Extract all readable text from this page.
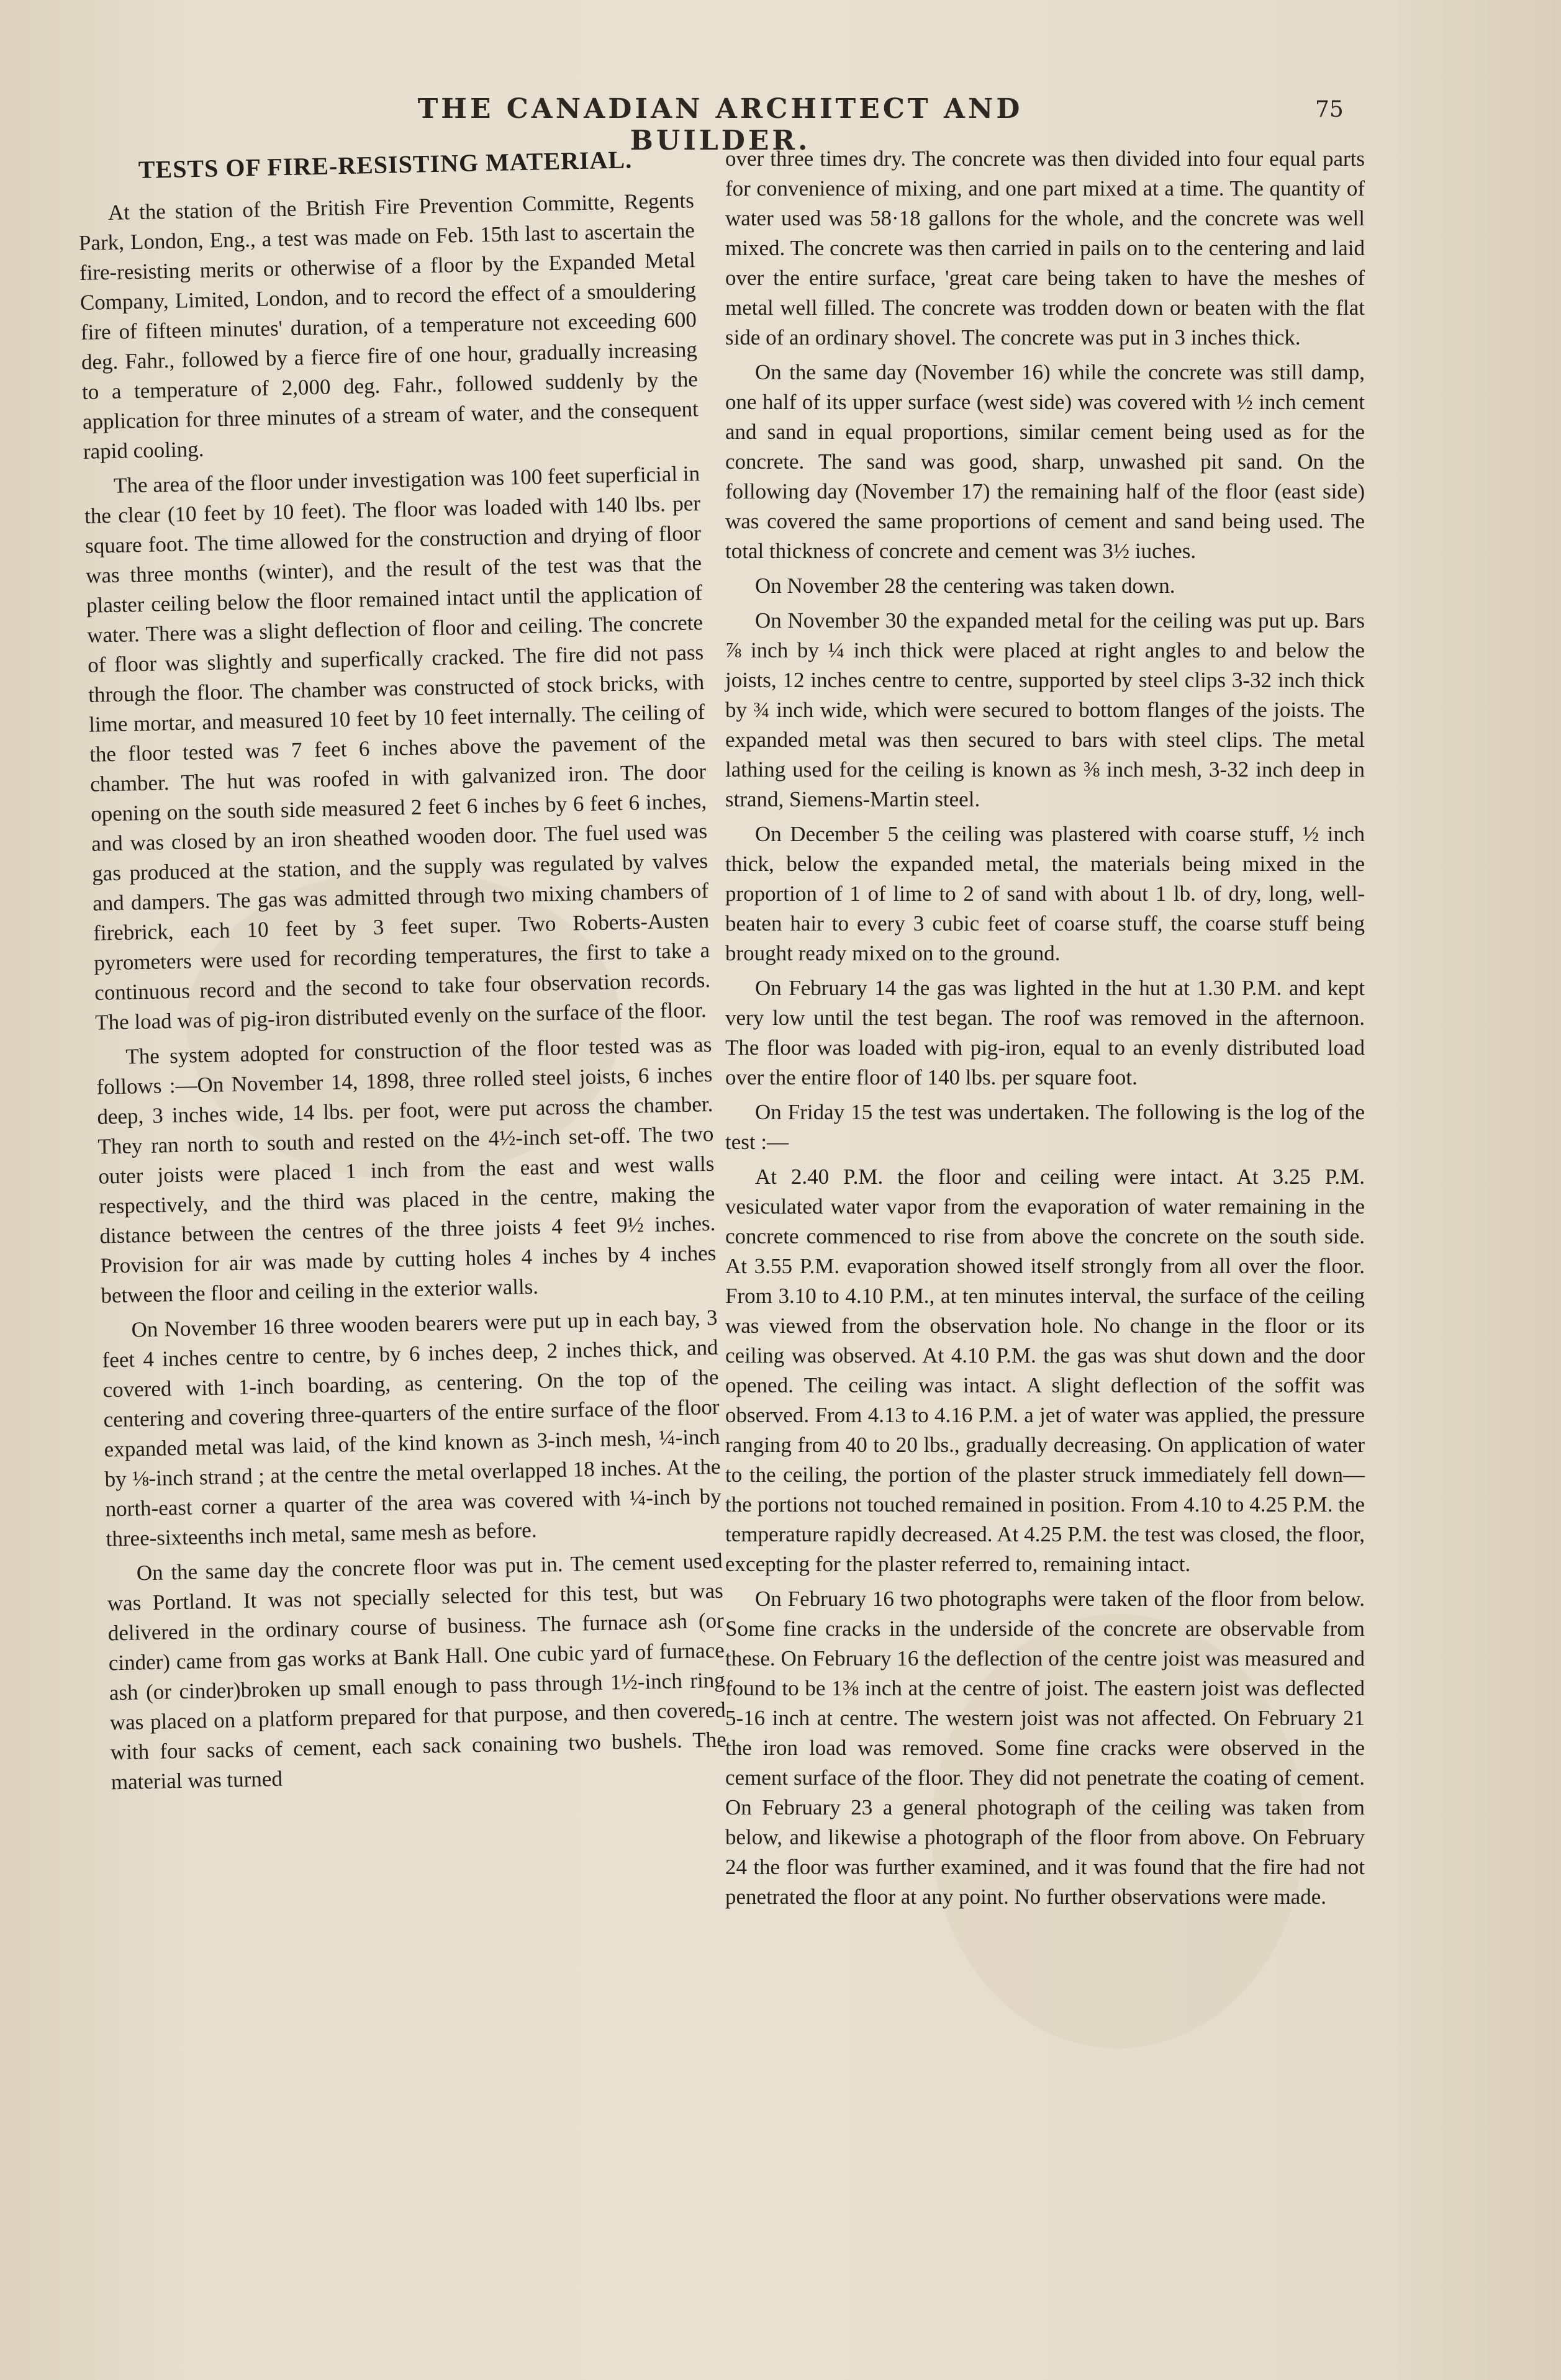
THE CANADIAN ARCHITECT AND BUILDER.
75
TESTS OF FIRE-RESISTING MATERIAL.

At the station of the British Fire Prevention Committe, Regents Park, London, Eng., a test was made on Feb. 15th last to ascertain the fire-resisting merits or otherwise of a floor by the Expanded Metal Company, Limited, London, and to record the effect of a smouldering fire of fifteen minutes' duration, of a temperature not exceeding 600 deg. Fahr., followed by a fierce fire of one hour, gradually increasing to a temperature of 2,000 deg. Fahr., followed suddenly by the application for three minutes of a stream of water, and the consequent rapid cooling.

The area of the floor under investigation was 100 feet superficial in the clear (10 feet by 10 feet). The floor was loaded with 140 lbs. per square foot. The time allowed for the construction and drying of floor was three months (winter), and the result of the test was that the plaster ceiling below the floor remained intact until the application of water. There was a slight deflection of floor and ceiling. The concrete of floor was slightly and superfically cracked. The fire did not pass through the floor. The chamber was constructed of stock bricks, with lime mortar, and measured 10 feet by 10 feet internally. The ceiling of the floor tested was 7 feet 6 inches above the pavement of the chamber. The hut was roofed in with galvanized iron. The door opening on the south side measured 2 feet 6 inches by 6 feet 6 inches, and was closed by an iron sheathed wooden door. The fuel used was gas produced at the station, and the supply was regulated by valves and dampers. The gas was admitted through two mixing chambers of firebrick, each 10 feet by 3 feet super. Two Roberts-Austen pyrometers were used for recording temperatures, the first to take a continuous record and the second to take four observation records. The load was of pig-iron distributed evenly on the surface of the floor.

The system adopted for construction of the floor tested was as follows :—On November 14, 1898, three rolled steel joists, 6 inches deep, 3 inches wide, 14 lbs. per foot, were put across the chamber. They ran north to south and rested on the 4½-inch set-off. The two outer joists were placed 1 inch from the east and west walls respectively, and the third was placed in the centre, making the distance between the centres of the three joists 4 feet 9½ inches. Provision for air was made by cutting holes 4 inches by 4 inches between the floor and ceiling in the exterior walls.

On November 16 three wooden bearers were put up in each bay, 3 feet 4 inches centre to centre, by 6 inches deep, 2 inches thick, and covered with 1-inch boarding, as centering. On the top of the centering and covering three-quarters of the entire surface of the floor expanded metal was laid, of the kind known as 3-inch mesh, ¼-inch by ⅛-inch strand ; at the centre the metal overlapped 18 inches. At the north-east corner a quarter of the area was covered with ¼-inch by three-sixteenths inch metal, same mesh as before.

On the same day the concrete floor was put in. The cement used was Portland. It was not specially selected for this test, but was delivered in the ordinary course of business. The furnace ash (or cinder) came from gas works at Bank Hall. One cubic yard of furnace ash (or cinder)broken up small enough to pass through 1½-inch ring was placed on a platform prepared for that purpose, and then covered with four sacks of cement, each sack conaining two bushels. The material was turned

over three times dry. The concrete was then divided into four equal parts for convenience of mixing, and one part mixed at a time. The quantity of water used was 58·18 gallons for the whole, and the concrete was well mixed. The concrete was then carried in pails on to the centering and laid over the entire surface, 'great care being taken to have the meshes of metal well filled. The concrete was trodden down or beaten with the flat side of an ordinary shovel. The concrete was put in 3 inches thick.

On the same day (November 16) while the concrete was still damp, one half of its upper surface (west side) was covered with ½ inch cement and sand in equal proportions, similar cement being used as for the concrete. The sand was good, sharp, unwashed pit sand. On the following day (November 17) the remaining half of the floor (east side) was covered the same proportions of cement and sand being used. The total thickness of concrete and cement was 3½ iuches.

On November 28 the centering was taken down.

On November 30 the expanded metal for the ceiling was put up. Bars ⅞ inch by ¼ inch thick were placed at right angles to and below the joists, 12 inches centre to centre, supported by steel clips 3-32 inch thick by ¾ inch wide, which were secured to bottom flanges of the joists. The expanded metal was then secured to bars with steel clips. The metal lathing used for the ceiling is known as ⅜ inch mesh, 3-32 inch deep in strand, Siemens-Martin steel.

On December 5 the ceiling was plastered with coarse stuff, ½ inch thick, below the expanded metal, the materials being mixed in the proportion of 1 of lime to 2 of sand with about 1 lb. of dry, long, well-beaten hair to every 3 cubic feet of coarse stuff, the coarse stuff being brought ready mixed on to the ground.

On February 14 the gas was lighted in the hut at 1.30 P.M. and kept very low until the test began. The roof was removed in the afternoon. The floor was loaded with pig-iron, equal to an evenly distributed load over the entire floor of 140 lbs. per square foot.

On Friday 15 the test was undertaken. The following is the log of the test :—

At 2.40 P.M. the floor and ceiling were intact. At 3.25 P.M. vesiculated water vapor from the evaporation of water remaining in the concrete commenced to rise from above the concrete on the south side. At 3.55 P.M. evaporation showed itself strongly from all over the floor. From 3.10 to 4.10 P.M., at ten minutes interval, the surface of the ceiling was viewed from the observation hole. No change in the floor or its ceiling was observed. At 4.10 P.M. the gas was shut down and the door opened. The ceiling was intact. A slight deflection of the soffit was observed. From 4.13 to 4.16 P.M. a jet of water was applied, the pressure ranging from 40 to 20 lbs., gradually decreasing. On application of water to the ceiling, the portion of the plaster struck immediately fell down—the portions not touched remained in position. From 4.10 to 4.25 P.M. the temperature rapidly decreased. At 4.25 P.M. the test was closed, the floor, excepting for the plaster referred to, remaining intact.

On February 16 two photographs were taken of the floor from below. Some fine cracks in the underside of the concrete are observable from these. On February 16 the deflection of the centre joist was measured and found to be 1⅜ inch at the centre of joist. The eastern joist was deflected 5-16 inch at centre. The western joist was not affected. On February 21 the iron load was removed. Some fine cracks were observed in the cement surface of the floor. They did not penetrate the coating of cement. On February 23 a general photograph of the ceiling was taken from below, and likewise a photograph of the floor from above. On February 24 the floor was further examined, and it was found that the fire had not penetrated the floor at any point. No further observations were made.
